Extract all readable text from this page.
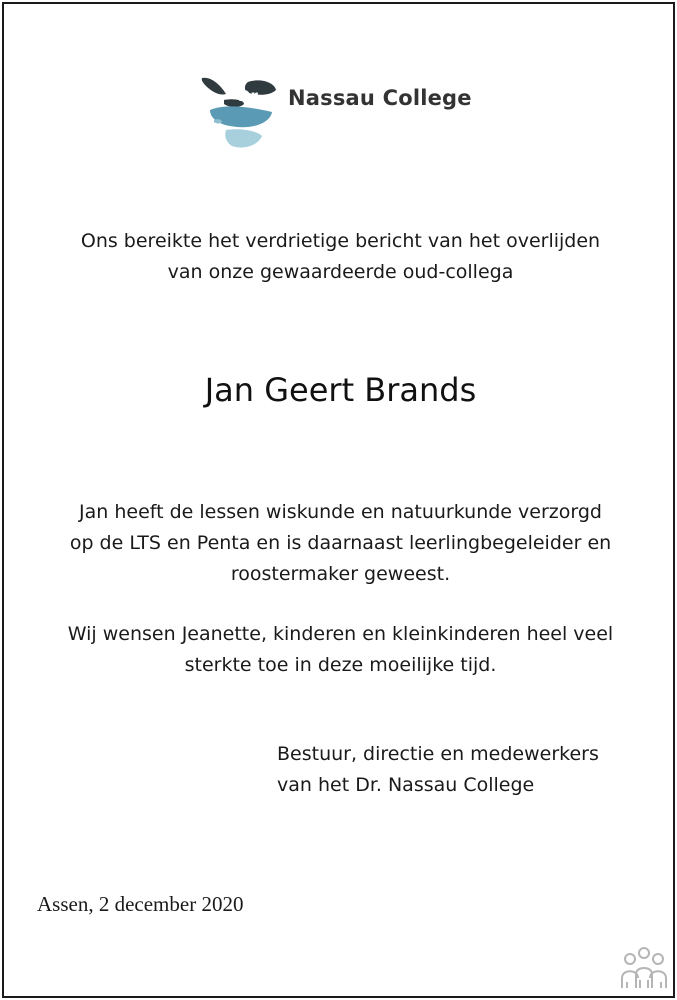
Dr Nassau College
Ons bereikte het verdrietige bericht van het overlijden
van onze gewaardeerde oud-collega
Jan Geert Brands
Jan heeft de lessen wiskunde en natuurkunde verzorgd
op de LTS en Penta en is daarnaast leerlingbegeleider en
roostermaker geweest.
Wij wensen Jeanette, kinderen en kleinkinderen heel veel
sterkte toe in deze moeilijke tijd.
Bestuur, directie en medewerkers
van het Dr. Nassau College
Assen, 2 december 2020
